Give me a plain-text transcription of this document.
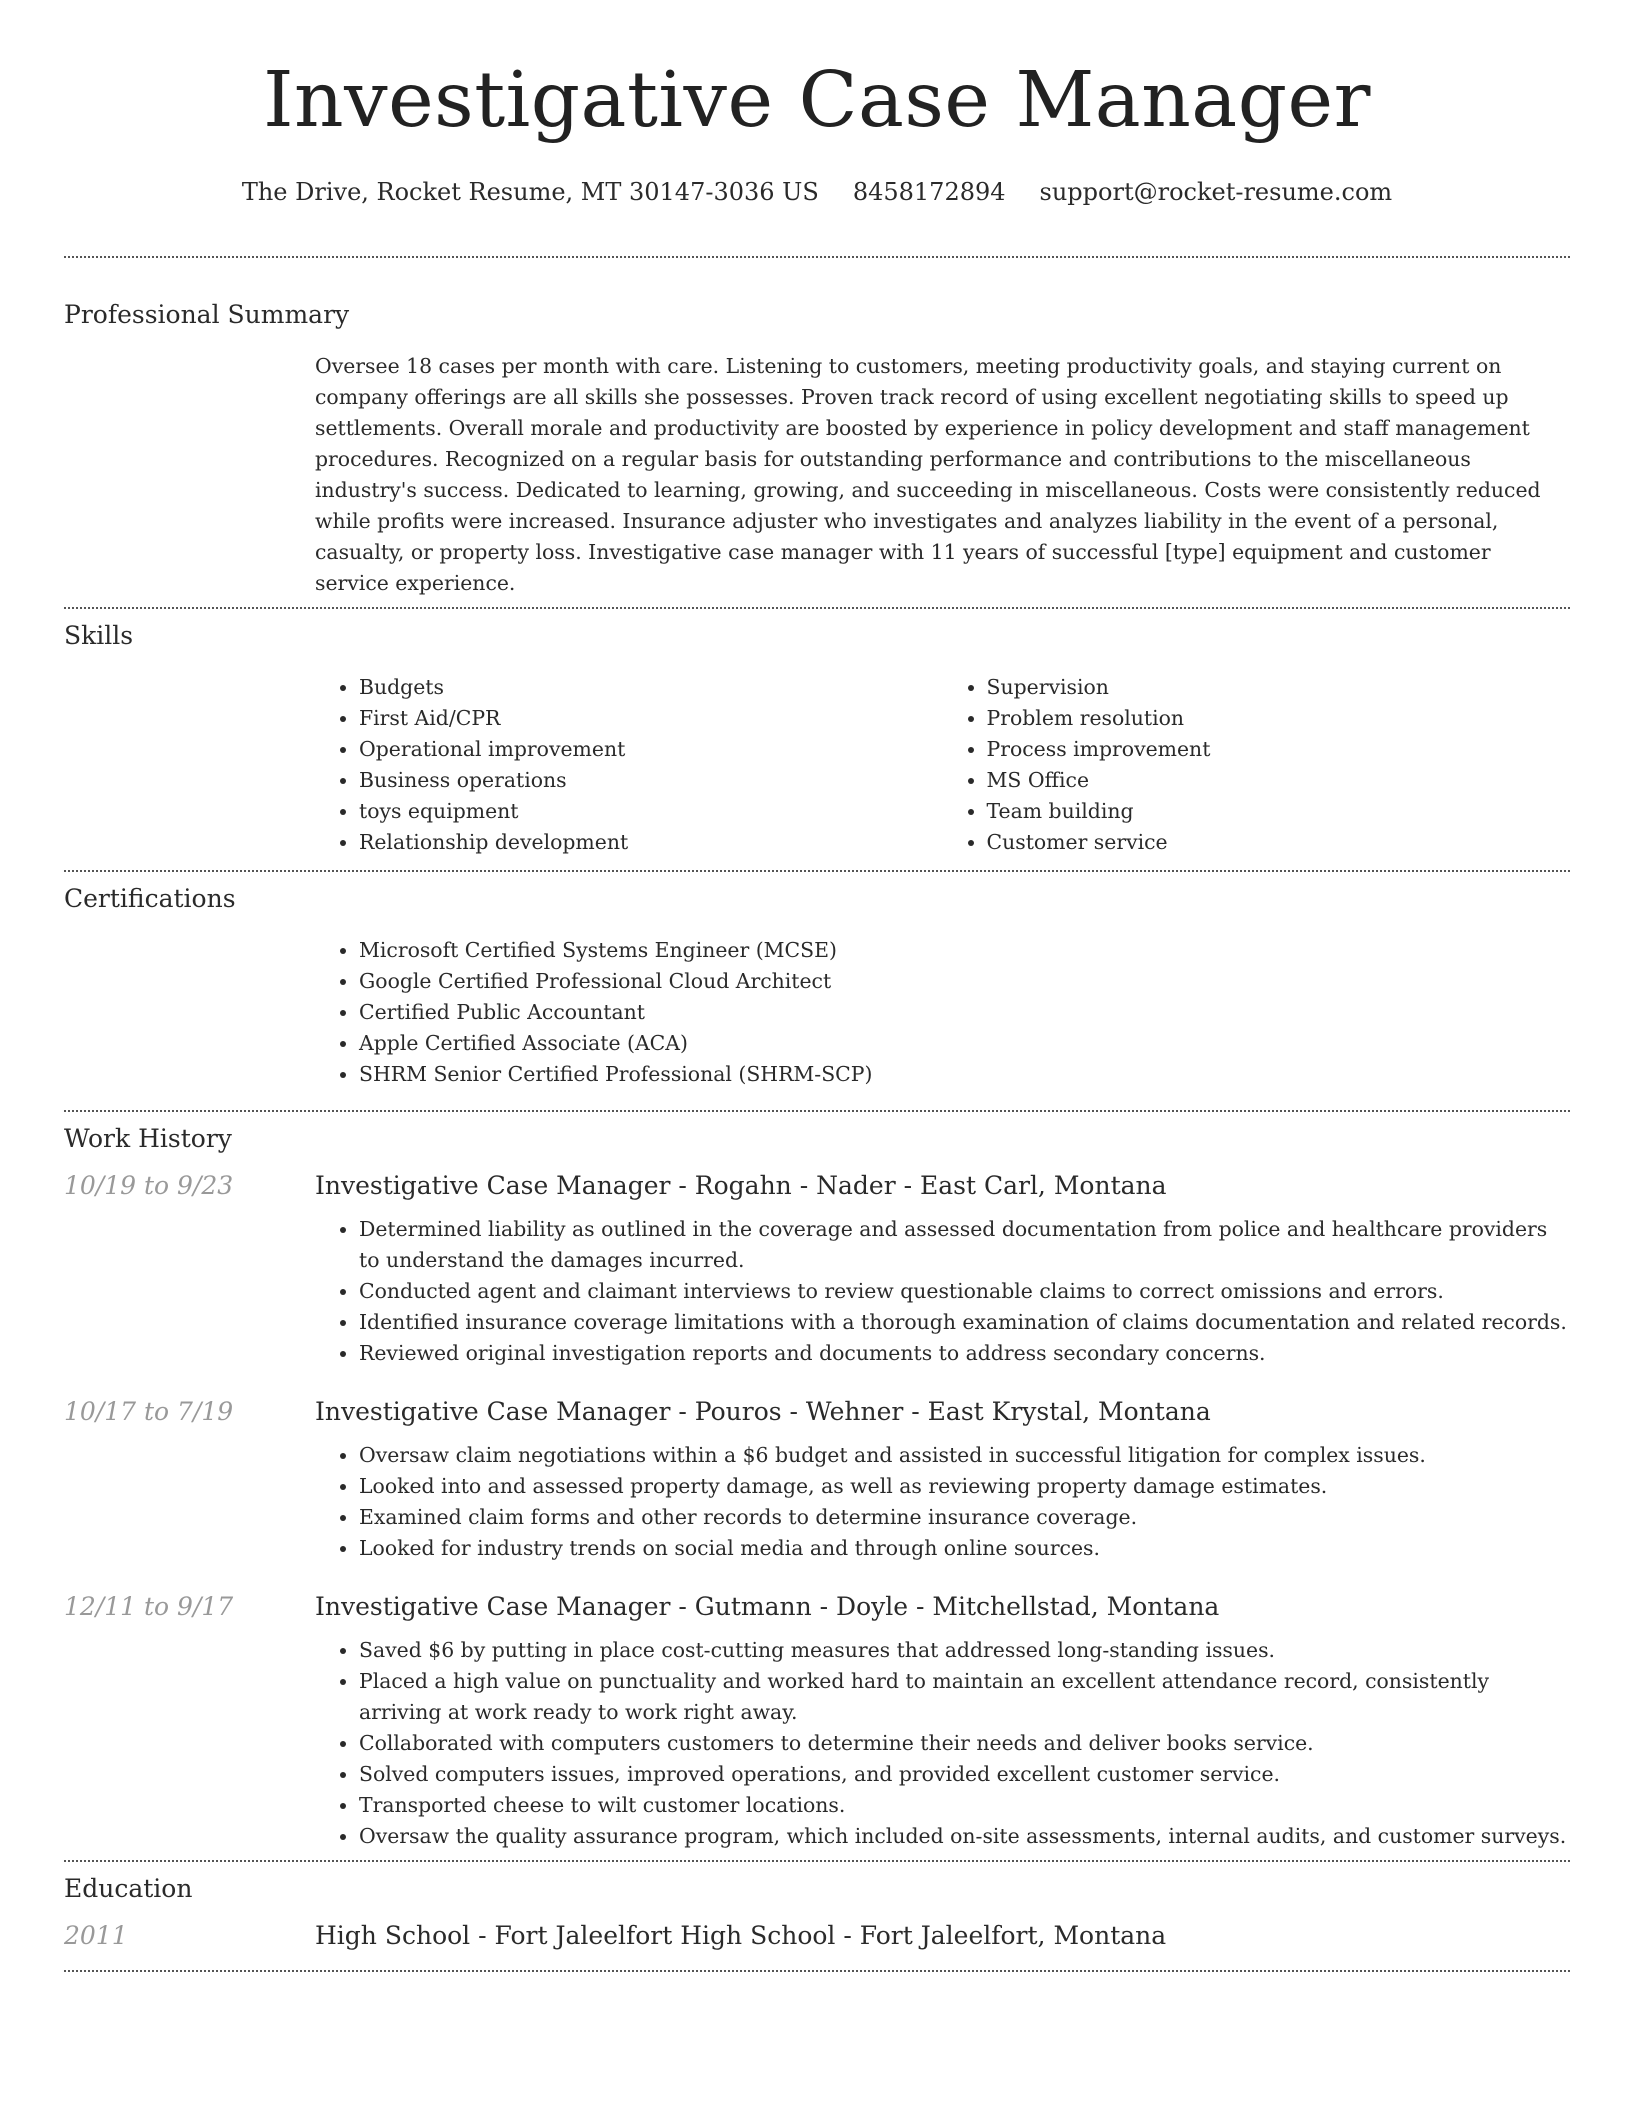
Investigative Case Manager
The Drive, Rocket Resume, MT 30147-3036 US 8458172894 support@rocket-resume.com
Professional Summary
Oversee 18 cases per month with care. Listening to customers, meeting productivity goals, and staying current on company offerings are all skills she possesses. Proven track record of using excellent negotiating skills to speed up settlements. Overall morale and productivity are boosted by experience in policy development and staff management procedures. Recognized on a regular basis for outstanding performance and contributions to the miscellaneous industry's success. Dedicated to learning, growing, and succeeding in miscellaneous. Costs were consistently reduced while profits were increased. Insurance adjuster who investigates and analyzes liability in the event of a personal, casualty, or property loss. Investigative case manager with 11 years of successful [type] equipment and customer service experience.
Skills
• Budgets
• First Aid/CPR
• Operational improvement
• Business operations
• toys equipment
• Relationship development
• Supervision
• Problem resolution
• Process improvement
• MS Office
• Team building
• Customer service
Certifications
• Microsoft Certified Systems Engineer (MCSE)
• Google Certified Professional Cloud Architect
• Certified Public Accountant
• Apple Certified Associate (ACA)
• SHRM Senior Certified Professional (SHRM-SCP)
Work History
10/19 to 9/23	Investigative Case Manager - Rogahn - Nader - East Carl, Montana
• Determined liability as outlined in the coverage and assessed documentation from police and healthcare providers to understand the damages incurred.
• Conducted agent and claimant interviews to review questionable claims to correct omissions and errors.
• Identified insurance coverage limitations with a thorough examination of claims documentation and related records.
• Reviewed original investigation reports and documents to address secondary concerns.
10/17 to 7/19	Investigative Case Manager - Pouros - Wehner - East Krystal, Montana
• Oversaw claim negotiations within a $6 budget and assisted in successful litigation for complex issues.
• Looked into and assessed property damage, as well as reviewing property damage estimates.
• Examined claim forms and other records to determine insurance coverage.
• Looked for industry trends on social media and through online sources.
12/11 to 9/17	Investigative Case Manager - Gutmann - Doyle - Mitchellstad, Montana
• Saved $6 by putting in place cost-cutting measures that addressed long-standing issues.
• Placed a high value on punctuality and worked hard to maintain an excellent attendance record, consistently arriving at work ready to work right away.
• Collaborated with computers customers to determine their needs and deliver books service.
• Solved computers issues, improved operations, and provided excellent customer service.
• Transported cheese to wilt customer locations.
• Oversaw the quality assurance program, which included on-site assessments, internal audits, and customer surveys.
Education
2011	High School - Fort Jaleelfort High School - Fort Jaleelfort, Montana
